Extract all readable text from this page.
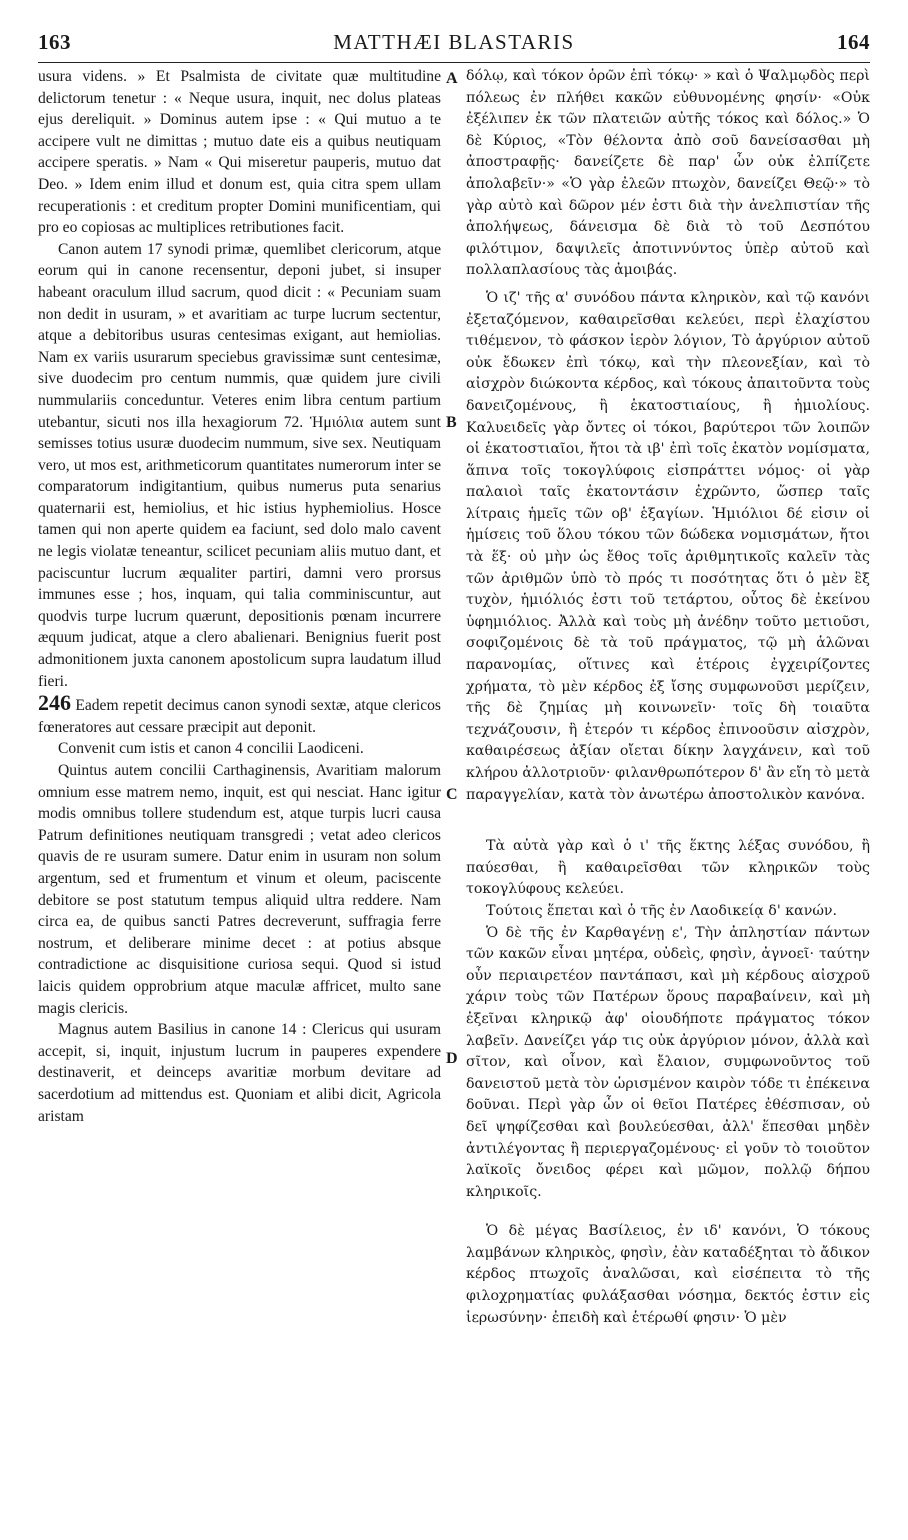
163	MATTHÆI BLASTARIS	164

usura videns. » Et Psalmista de civitate quæ multitudine delictorum tenetur : « Neque usura, inquit, nec dolus plateas ejus dereliquit. » Dominus autem ipse : « Qui mutuo a te accipere vult ne dimittas ; mutuo date eis a quibus neutiquam accipere speratis. » Nam « Qui miseretur pauperis, mutuo dat Deo. » Idem enim illud et donum est, quia citra spem ullam recuperationis : et creditum propter Domini munificentiam, qui pro eo copiosas ac multiplices retributiones facit.

Canon autem 17 synodi primæ, quemlibet clericorum, atque eorum qui in canone recensentur, deponi jubet, si insuper habeant oraculum illud sacrum, quod dicit : « Pecuniam suam non dedit in usuram, » et avaritiam ac turpe lucrum sectentur, atque a debitoribus usuras centesimas exigant, aut hemiolias. Nam ex variis usurarum speciebus gravissimæ sunt centesimæ, sive duodecim pro centum nummis, quæ quidem jure civili nummulariis conceduntur. Veteres enim libra centum partium utebantur, sicuti nos illa hexagiorum 72. Ἡμιόλια autem sunt semisses totius usuræ duodecim nummum, sive sex. Neutiquam vero, ut mos est, arithmeticorum quantitates numerorum inter se comparatorum indigitantium, quibus numerus puta senarius quaternarii est, hemiolius, et hic istius hyphemiolius. Hosce tamen qui non aperte quidem ea faciunt, sed dolo malo cavent ne legis violatæ teneantur, scilicet pecuniam aliis mutuo dant, et paciscuntur lucrum æqualiter partiri, damni vero prorsus immunes esse ; hos, inquam, qui talia comminiscuntur, aut quodvis turpe lucrum quærunt, depositionis pœnam incurrere æquum judicat, atque a clero abalienari. Benignius fuerit post admonitionem juxta canonem apostolicum supra laudatum illud fieri.

246 Eadem repetit decimus canon synodi sextæ, atque clericos fœneratores aut cessare præcipit aut deponit.

Convenit cum istis et canon 4 concilii Laodiceni.

Quintus autem concilii Carthaginensis, Avaritiam malorum omnium esse matrem nemo, inquit, est qui nesciat. Hanc igitur modis omnibus tollere studendum est, atque turpis lucri causa Patrum definitiones neutiquam transgredi ; vetat adeo clericos quavis de re usuram sumere. Datur enim in usuram non solum argentum, sed et frumentum et vinum et oleum, paciscente debitore se post statutum tempus aliquid ultra reddere. Nam circa ea, de quibus sancti Patres decreverunt, suffragia ferre nostrum, et deliberare minime decet : at potius absque contradictione ac disquisitione curiosa sequi. Quod si istud laicis quidem opprobrium atque maculæ affricet, multo sane magis clericis.

Magnus autem Basilius in canone 14 : Clericus qui usuram accepit, si, inquit, injustum lucrum in pauperes expendere destinaverit, et deinceps avaritiæ morbum devitare ad sacerdotium ad mittendus est. Quoniam et alibi dicit, Agricola aristam

A
B
C
D

δόλῳ, καὶ τόκον ὁρῶν ἐπὶ τόκῳ· » καὶ ὁ Ψαλμῳδὸς περὶ πόλεως ἐν πλήθει κακῶν εὐθυνομένης φησίν· «Οὐκ ἐξέλιπεν ἐκ τῶν πλατειῶν αὐτῆς τόκος καὶ δόλος.» Ὁ δὲ Κύριος, «Τὸν θέλοντα ἀπὸ σοῦ δανείσασθαι μὴ ἀποστραφῇς· δανείζετε δὲ παρ' ὧν οὐκ ἐλπίζετε ἀπολαβεῖν·» «Ὁ γὰρ ἐλεῶν πτωχὸν, δανείζει Θεῷ·» τὸ γὰρ αὐτὸ καὶ δῶρον μέν ἐστι διὰ τὴν ἀνελπιστίαν τῆς ἀπολήψεως, δάνεισμα δὲ διὰ τὸ τοῦ Δεσπότου φιλότιμον, δαψιλεῖς ἀποτιννύντος ὑπὲρ αὐτοῦ καὶ πολλαπλασίους τὰς ἀμοιβάς.

Ὁ ιζ' τῆς α' συνόδου πάντα κληρικὸν, καὶ τῷ κανόνι ἐξεταζόμενον, καθαιρεῖσθαι κελεύει, περὶ ἐλαχίστου τιθέμενον, τὸ φάσκον ἱερὸν λόγιον, Τὸ ἀργύριον αὐτοῦ οὐκ ἔδωκεν ἐπὶ τόκῳ, καὶ τὴν πλεονεξίαν, καὶ τὸ αἰσχρὸν διώκοντα κέρδος, καὶ τόκους ἀπαιτοῦντα τοὺς δανειζομένους, ἢ ἑκατοστιαίους, ἢ ἡμιολίους. Καλυειδεῖς γὰρ ὄντες οἱ τόκοι, βαρύτεροι τῶν λοιπῶν οἱ ἑκατοστιαῖοι, ἤτοι τὰ ιβ' ἐπὶ τοῖς ἑκατὸν νομίσματα, ἅπινα τοῖς τοκογλύφοις εἰσπράττει νόμος· οἱ γὰρ παλαιοὶ ταῖς ἑκατοντάσιν ἐχρῶντο, ὥσπερ ταῖς λίτραις ἡμεῖς τῶν οβ' ἑξαγίων. Ἡμιόλιοι δέ εἰσιν οἱ ἡμίσεις τοῦ ὅλου τόκου τῶν δώδεκα νομισμάτων, ἤτοι τὰ ἕξ· οὐ μὴν ὡς ἔθος τοῖς ἀριθμητικοῖς καλεῖν τὰς τῶν ἀριθμῶν ὑπὸ τὸ πρός τι ποσότητας ὅτι ὁ μὲν ἓξ τυχὸν, ἡμιόλιός ἐστι τοῦ τετάρτου, οὗτος δὲ ἐκείνου ὑφημιόλιος. Ἀλλὰ καὶ τοὺς μὴ ἀνέδην τοῦτο μετιοῦσι, σοφιζομένοις δὲ τὰ τοῦ πράγματος, τῷ μὴ ἁλῶναι παρανομίας, οἵτινες καὶ ἑτέροις ἐγχειρίζοντες χρήματα, τὸ μὲν κέρδος ἐξ ἴσης συμφωνοῦσι μερίζειν, τῆς δὲ ζημίας μὴ κοινωνεῖν· τοῖς δὴ τοιαῦτα τεχνάζουσιν, ἢ ἑτερόν τι κέρδος ἐπινοοῦσιν αἰσχρὸν, καθαιρέσεως ἀξίαν οἴεται δίκην λαγχάνειν, καὶ τοῦ κλήρου ἀλλοτριοῦν· φιλανθρωπότερον δ' ἂν εἴη τὸ μετὰ παραγγελίαν, κατὰ τὸν ἀνωτέρω ἀποστολικὸν κανόνα.

Τὰ αὐτὰ γὰρ καὶ ὁ ι' τῆς ἕκτης λέξας συνόδου, ἢ παύεσθαι, ἢ καθαιρεῖσθαι τῶν κληρικῶν τοὺς τοκογλύφους κελεύει.

Τούτοις ἕπεται καὶ ὁ τῆς ἐν Λαοδικείᾳ δ' κανών.

Ὁ δὲ τῆς ἐν Καρθαγένῃ ε', Τὴν ἀπληστίαν πάντων τῶν κακῶν εἶναι μητέρα, οὐδεὶς, φησὶν, ἀγνοεῖ· ταύτην οὖν περιαιρετέον παντάπασι, καὶ μὴ κέρδους αἰσχροῦ χάριν τοὺς τῶν Πατέρων ὅρους παραβαίνειν, καὶ μὴ ἐξεῖναι κληρικῷ ἀφ' οἱουδήποτε πράγματος τόκον λαβεῖν. Δανείζει γάρ τις οὐκ ἀργύριον μόνον, ἀλλὰ καὶ σῖτον, καὶ οἶνον, καὶ ἔλαιον, συμφωνοῦντος τοῦ δανειστοῦ μετὰ τὸν ὡρισμένον καιρὸν τόδε τι ἐπέκεινα δοῦναι. Περὶ γὰρ ὧν οἱ θεῖοι Πατέρες ἐθέσπισαν, οὐ δεῖ ψηφίζεσθαι καὶ βουλεύεσθαι, ἀλλ' ἕπεσθαι μηδὲν ἀντιλέγοντας ἢ περιεργαζομένους· εἰ γοῦν τὸ τοιοῦτον λαϊκοῖς ὄνειδος φέρει καὶ μῶμον, πολλῷ δήπου κληρικοῖς.

Ὁ δὲ μέγας Βασίλειος, ἐν ιδ' κανόνι, Ὁ τόκους λαμβάνων κληρικὸς, φησὶν, ἐὰν καταδέξηται τὸ ἄδικον κέρδος πτωχοῖς ἀναλῶσαι, καὶ εἰσέπειτα τὸ τῆς φιλοχρηματίας φυλάξασθαι νόσημα, δεκτός ἐστιν εἰς ἱερωσύνην· ἐπειδὴ καὶ ἑτέρωθί φησιν· Ὁ μὲν
